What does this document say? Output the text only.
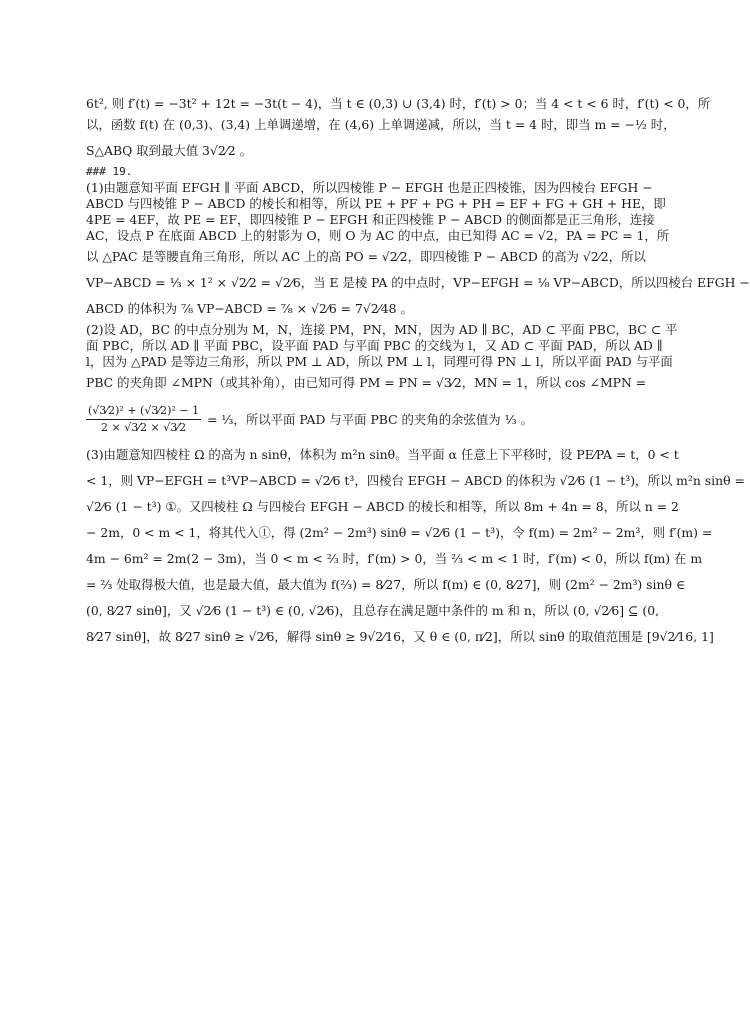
6t², 则 f′(t) = −3t² + 12t = −3t(t − 4)，当 t ∈ (0,3) ∪ (3,4) 时，f′(t) > 0；当 4 < t < 6 时，f′(t) < 0，所
以，函数 f(t) 在 (0,3)、(3,4) 上单调递增，在 (4,6) 上单调递减，所以，当 t = 4 时，即当 m = −½ 时，
S△ABQ 取到最大值 3√2⁄2 。
### 19.
(1)由题意知平面 EFGH ∥ 平面 ABCD，所以四棱锥 P − EFGH 也是正四棱锥，因为四棱台 EFGH −
ABCD 与四棱锥 P − ABCD 的棱长和相等，所以 PE + PF + PG + PH = EF + FG + GH + HE，即
4PE = 4EF，故 PE = EF，即四棱锥 P − EFGH 和正四棱锥 P − ABCD 的侧面都是正三角形，连接
AC，设点 P 在底面 ABCD 上的射影为 O，则 O 为 AC 的中点，由已知得 AC = √2，PA = PC = 1，所
以 △PAC 是等腰直角三角形，所以 AC 上的高 PO = √2⁄2，即四棱锥 P − ABCD 的高为 √2⁄2，所以
VP−ABCD = ⅓ × 1² × √2⁄2 = √2⁄6，当 E 是棱 PA 的中点时，VP−EFGH = ⅛ VP−ABCD，所以四棱台 EFGH −
ABCD 的体积为 ⅞ VP−ABCD = ⅞ × √2⁄6 = 7√2⁄48 。
(2)设 AD，BC 的中点分别为 M，N，连接 PM，PN，MN，因为 AD ∥ BC，AD ⊂ 平面 PBC，BC ⊂ 平
面 PBC，所以 AD ∥ 平面 PBC，设平面 PAD 与平面 PBC 的交线为 l，又 AD ⊂ 平面 PAD，所以 AD ∥
l，因为 △PAD 是等边三角形，所以 PM ⊥ AD，所以 PM ⊥ l，同理可得 PN ⊥ l，所以平面 PAD 与平面
PBC 的夹角即 ∠MPN（或其补角），由已知可得 PM = PN = √3⁄2，MN = 1，所以 cos ∠MPN =
$\frac{\text{(√3⁄2)² + (√3⁄2)² − 1}}{2 \times √3⁄2 \times √3⁄2}$ = ⅓，所以平面 PAD 与平面 PBC 的夹角的余弦值为 ⅓ 。
(3)由题意知四棱柱 Ω 的高为 n sinθ，体积为 m²n sinθ。当平面 α 任意上下平移时，设 PE⁄PA = t，0 < t
< 1，则 VP−EFGH = t³VP−ABCD = √2⁄6 t³，四棱台 EFGH − ABCD 的体积为 √2⁄6 (1 − t³)，所以 m²n sinθ =
√2⁄6 (1 − t³) ①。又四棱柱 Ω 与四棱台 EFGH − ABCD 的棱长和相等，所以 8m + 4n = 8，所以 n = 2
− 2m，0 < m < 1，将其代入①，得 (2m² − 2m³) sinθ = √2⁄6 (1 − t³)，令 f(m) = 2m² − 2m³，则 f′(m) =
4m − 6m² = 2m(2 − 3m)，当 0 < m < ⅔ 时，f′(m) > 0，当 ⅔ < m < 1 时，f′(m) < 0，所以 f(m) 在 m
= ⅔ 处取得极大值，也是最大值，最大值为 f(⅔) = 8⁄27，所以 f(m) ∈ (0, 8⁄27]，则 (2m² − 2m³) sinθ ∈
(0, 8⁄27 sinθ]，又 √2⁄6 (1 − t³) ∈ (0, √2⁄6)，且总存在满足题中条件的 m 和 n，所以 (0, √2⁄6] ⊆ (0,
8⁄27 sinθ]，故 8⁄27 sinθ ≥ √2⁄6，解得 sinθ ≥ 9√2⁄16，又 θ ∈ (0, π⁄2]，所以 sinθ 的取值范围是 [9√2⁄16, 1]
